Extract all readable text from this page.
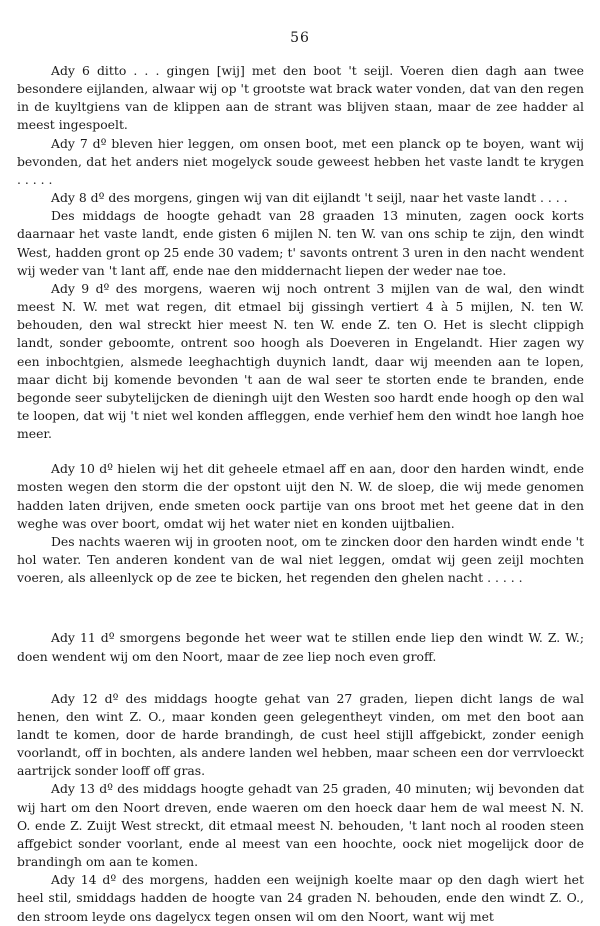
56

Ady 6 ditto . . . gingen [wij] met den boot 't seijl. Voeren dien dagh aan twee besondere eijlanden, alwaar wij op 't grootste wat brack water vonden, dat van den regen in de kuyltgiens van de klippen aan de strant was blijven staan, maar de zee hadder al meest ingespoelt.

Ady 7 dº bleven hier leggen, om onsen boot, met een planck op te boyen, want wij bevonden, dat het anders niet mogelyck soude geweest hebben het vaste landt te krygen . . . . .

Ady 8 dº des morgens, gingen wij van dit eijlandt 't seijl, naar het vaste landt . . . .

Des middags de hoogte gehadt van 28 graaden 13 minuten, zagen oock korts daarnaar het vaste landt, ende gisten 6 mijlen N. ten W. van ons schip te zijn, den windt West, hadden gront op 25 ende 30 vadem; t' savonts ontrent 3 uren in den nacht wendent wij weder van 't lant aff, ende nae den middernacht liepen der weder nae toe.

Ady 9 dº des morgens, waeren wij noch ontrent 3 mijlen van de wal, den windt meest N. W. met wat regen, dit etmael bij gissingh vertiert 4 à 5 mijlen, N. ten W. behouden, den wal streckt hier meest N. ten W. ende Z. ten O. Het is slecht clippigh landt, sonder geboomte, ontrent soo hoogh als Doeveren in Engelandt. Hier zagen wy een inbochtgien, alsmede leeghachtigh duynich landt, daar wij meenden aan te lopen, maar dicht bij komende bevonden 't aan de wal seer te storten ende te branden, ende begonde seer subytelijcken de dieningh uijt den Westen soo hardt ende hoogh op den wal te loopen, dat wij 't niet wel konden affleggen, ende verhief hem den windt hoe langh hoe meer.

Ady 10 dº hielen wij het dit geheele etmael aff en aan, door den harden windt, ende mosten wegen den storm die der opstont uijt den N. W. de sloep, die wij mede genomen hadden laten drijven, ende smeten oock partije van ons broot met het geene dat in den weghe was over boort, omdat wij het water niet en konden uijtbalien.

Des nachts waeren wij in grooten noot, om te zincken door den harden windt ende 't hol water. Ten anderen kondent van de wal niet leggen, omdat wij geen zeijl mochten voeren, als alleenlyck op de zee te bicken, het regenden den ghelen nacht . . . . .

Ady 11 dº smorgens begonde het weer wat te stillen ende liep den windt W. Z. W.; doen wendent wij om den Noort, maar de zee liep noch even groff.

Ady 12 dº des middags hoogte gehat van 27 graden, liepen dicht langs de wal henen, den wint Z. O., maar konden geen gelegentheyt vinden, om met den boot aan landt te komen, door de harde brandingh, de cust heel stijll affgebickt, zonder eenigh voorlandt, off in bochten, als andere landen wel hebben, maar scheen een dor verrvloeckt aartrijck sonder looff off gras.

Ady 13 dº des middags hoogte gehadt van 25 graden, 40 minuten; wij bevonden dat wij hart om den Noort dreven, ende waeren om den hoeck daar hem de wal meest N. N. O. ende Z. Zuijt West streckt, dit etmaal meest N. behouden, 't lant noch al rooden steen affgebict sonder voorlant, ende al meest van een hoochte, oock niet mogelijck door de brandingh om aan te komen.

Ady 14 dº des morgens, hadden een weijnigh koelte maar op den dagh wiert het heel stil, smiddags hadden de hoogte van 24 graden N. behouden, ende den windt Z. O., den stroom leyde ons dagelycx tegen onsen wil om den Noort, want wij met
